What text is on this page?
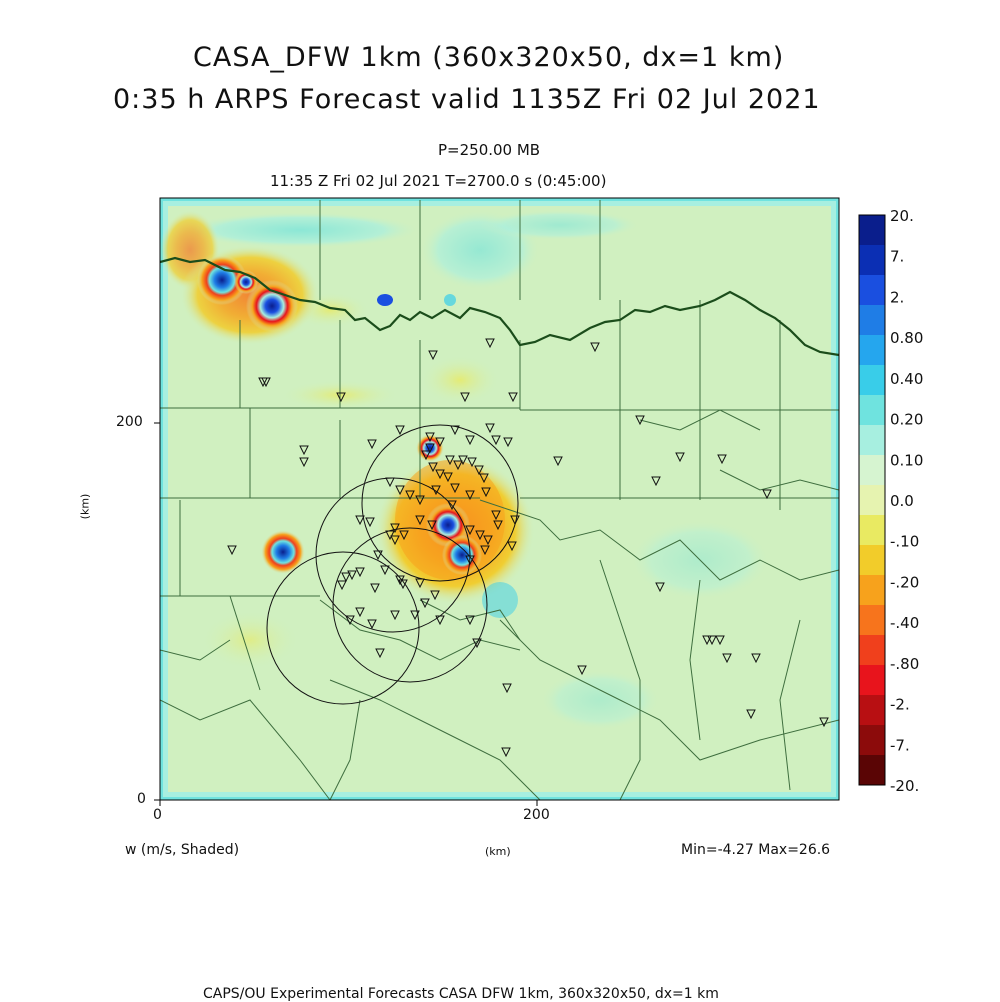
CASA_DFW 1km (360x320x50, dx=1 km)
0:35 h ARPS Forecast valid 1135Z Fri 02 Jul 2021
P=250.00 MB
11:35 Z Fri 02 Jul 2021 T=2700.0 s (0:45:00)
200
0
0	200
(km)
(km)
w (m/s, Shaded)	Min=-4.27 Max=26.6
CAPS/OU Experimental Forecasts CASA DFW 1km, 360x320x50, dx=1 km
20.
7.
2.
0.80
0.40
0.20
0.10
0.0
-.10
-.20
-.40
-.80
-2.
-7.
-20.
